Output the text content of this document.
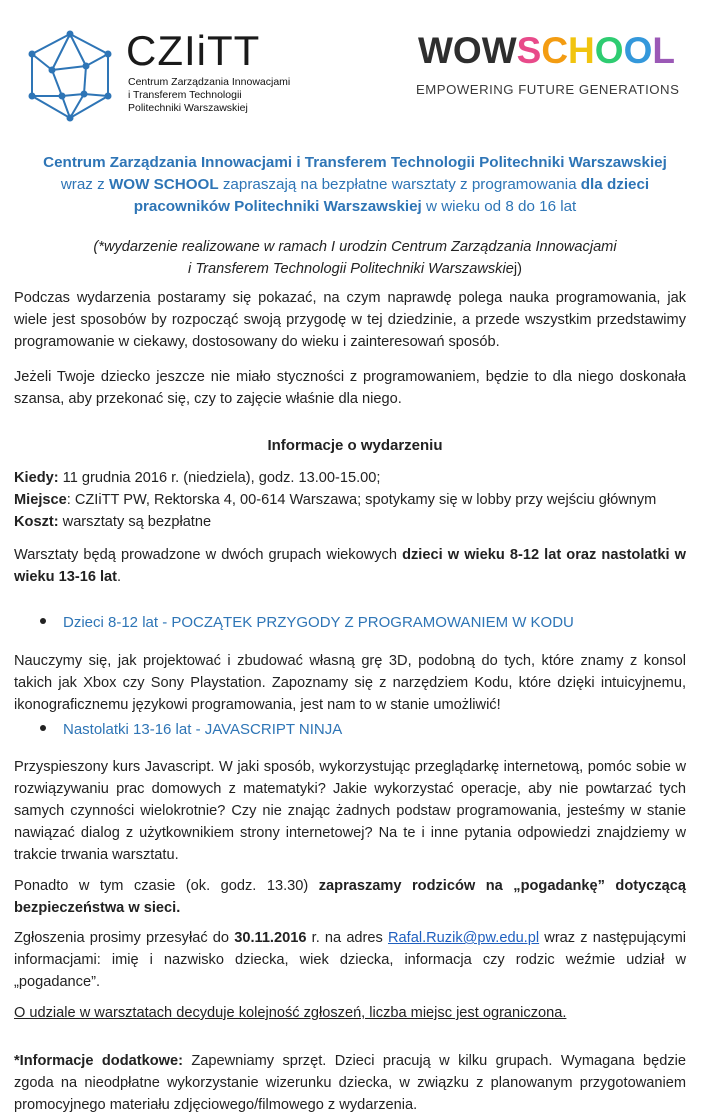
CZIiTT
Centrum Zarządzania Innowacjami
i Transferem Technologii
Politechniki Warszawskiej
WOWSCHOOL
EMPOWERING FUTURE GENERATIONS
Centrum Zarządzania Innowacjami i Transferem Technologii Politechniki Warszawskiej
wraz z WOW SCHOOL zapraszają na bezpłatne warsztaty z programowania dla dzieci
pracowników Politechniki Warszawskiej w wieku od 8 do 16 lat
(*wydarzenie realizowane w ramach I urodzin Centrum Zarządzania Innowacjami
i Transferem Technologii Politechniki Warszawskiej)
Podczas wydarzenia postaramy się pokazać, na czym naprawdę polega nauka programowania, jak wiele jest sposobów by rozpocząć swoją przygodę w tej dziedzinie, a przede wszystkim przedstawimy programowanie w ciekawy, dostosowany do wieku i zainteresowań sposób.
Jeżeli Twoje dziecko jeszcze nie miało styczności z programowaniem, będzie to dla niego doskonała szansa, aby przekonać się, czy to zajęcie właśnie dla niego.
Informacje o wydarzeniu
Kiedy: 11 grudnia 2016 r. (niedziela), godz. 13.00-15.00;
Miejsce: CZIiTT PW, Rektorska 4, 00-614 Warszawa; spotykamy się w lobby przy wejściu głównym
Koszt: warsztaty są bezpłatne
Warsztaty będą prowadzone w dwóch grupach wiekowych dzieci w wieku 8-12 lat oraz nastolatki w wieku 13-16 lat.
Dzieci 8-12 lat - POCZĄTEK PRZYGODY Z PROGRAMOWANIEM W KODU
Nauczymy się, jak projektować i zbudować własną grę 3D, podobną do tych, które znamy z konsol takich jak Xbox czy Sony Playstation. Zapoznamy się z narzędziem Kodu, które dzięki intuicyjnemu, ikonograficznemu językowi programowania, jest nam to w stanie umożliwić!
Nastolatki 13-16 lat - JAVASCRIPT NINJA
Przyspieszony kurs Javascript. W jaki sposób, wykorzystując przeglądarkę internetową, pomóc sobie w rozwiązywaniu prac domowych z matematyki? Jakie wykorzystać operacje, aby nie powtarzać tych samych czynności wielokrotnie? Czy nie znając żadnych podstaw programowania, jesteśmy w stanie nawiązać dialog z użytkownikiem strony internetowej? Na te i inne pytania odpowiedzi znajdziemy w trakcie trwania warsztatu.
Ponadto w tym czasie (ok. godz. 13.30) zapraszamy rodziców na „pogadankę” dotyczącą bezpieczeństwa w sieci.
Zgłoszenia prosimy przesyłać do 30.11.2016 r. na adres Rafal.Ruzik@pw.edu.pl wraz z następującymi informacjami: imię i nazwisko dziecka, wiek dziecka, informacja czy rodzic weźmie udział w „pogadance”.
O udziale w warsztatach decyduje kolejność zgłoszeń, liczba miejsc jest ograniczona.
*Informacje dodatkowe: Zapewniamy sprzęt. Dzieci pracują w kilku grupach. Wymagana będzie zgoda na nieodpłatne wykorzystanie wizerunku dziecka, w związku z planowanym przygotowaniem promocyjnego materiału zdjęciowego/filmowego z wydarzenia.
